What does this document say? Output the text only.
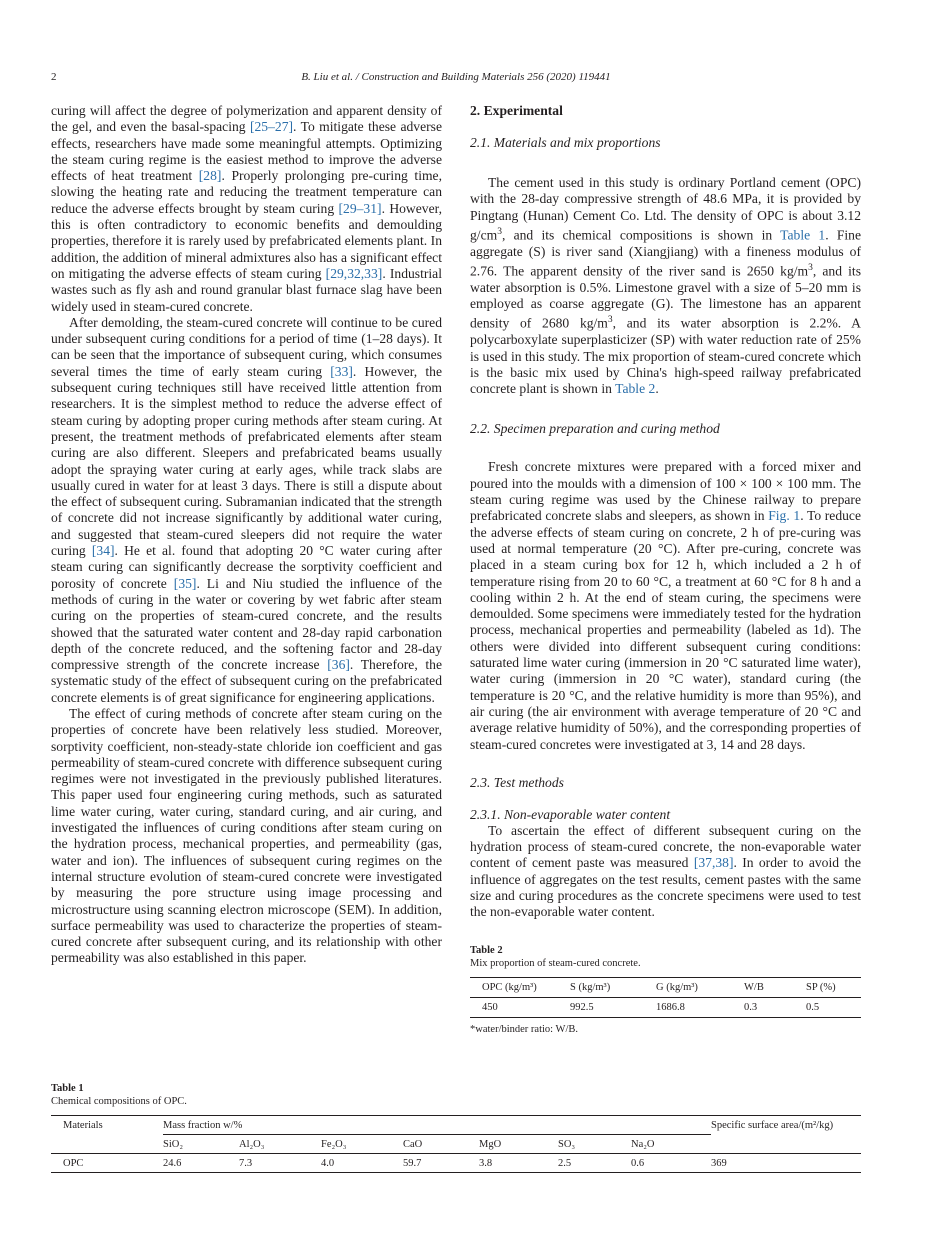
2	B. Liu et al. / Construction and Building Materials 256 (2020) 119441

curing will affect the degree of polymerization and apparent density of the gel, and even the basal-spacing [25–27]. To mitigate these adverse effects, researchers have made some meaningful attempts. Optimizing the steam curing regime is the easiest method to improve the adverse effects of heat treatment [28]. Properly prolonging pre-curing time, slowing the heating rate and reducing the treatment temperature can reduce the adverse effects brought by steam curing [29–31]. However, this is often contradictory to economic benefits and demoulding properties, therefore it is rarely used by prefabricated elements plant. In addition, the addition of mineral admixtures also has a significant effect on mitigating the adverse effects of steam curing [29,32,33]. Industrial wastes such as fly ash and round granular blast furnace slag have been widely used in steam-cured concrete.

After demolding, the steam-cured concrete will continue to be cured under subsequent curing conditions for a period of time (1–28 days). It can be seen that the importance of subsequent curing, which consumes several times the time of early steam curing [33]. However, the subsequent curing techniques still have received little attention from researchers. It is the simplest method to reduce the adverse effect of steam curing by adopting proper curing methods after steam curing. At present, the treatment methods of prefabricated elements after steam curing are also different. Sleepers and prefabricated beams usually adopt the spraying water curing at early ages, while track slabs are usually cured in water for at least 3 days. There is still a dispute about the effect of subsequent curing. Subramanian indicated that the strength of concrete did not increase significantly by additional water curing, and suggested that steam-cured sleepers did not require the water curing [34]. He et al. found that adopting 20 °C water curing after steam curing can significantly decrease the sorptivity coefficient and porosity of concrete [35]. Li and Niu studied the influence of the methods of curing in the water or covering by wet fabric after steam curing on the properties of steam-cured concrete, and the results showed that the saturated water content and 28-day rapid carbonation depth of the concrete reduced, and the softening factor and 28-day compressive strength of the concrete increase [36]. Therefore, the systematic study of the effect of subsequent curing on the prefabricated concrete elements is of great significance for engineering applications.

The effect of curing methods of concrete after steam curing on the properties of concrete have been relatively less studied. Moreover, sorptivity coefficient, non-steady-state chloride ion coefficient and gas permeability of steam-cured concrete with difference subsequent curing regimes were not investigated in the previously published literatures. This paper used four engineering curing methods, such as saturated lime water curing, water curing, standard curing, and air curing, and investigated the influences of curing conditions after steam curing on the hydration process, mechanical properties, and permeability (gas, water and ion). The influences of subsequent curing regimes on the internal structure evolution of steam-cured concrete were investigated by measuring the pore structure using image processing and microstructure using scanning electron microscope (SEM). In addition, surface permeability was used to characterize the properties of steam-cured concrete after subsequent curing, and its relationship with other permeability was also established in this paper.

2. Experimental
2.1. Materials and mix proportions

The cement used in this study is ordinary Portland cement (OPC) with the 28-day compressive strength of 48.6 MPa, it is provided by Pingtang (Hunan) Cement Co. Ltd. The density of OPC is about 3.12 $g/cm^3$, and its chemical compositions is shown in Table 1. Fine aggregate (S) is river sand (Xiangjiang) with a fineness modulus of 2.76. The apparent density of the river sand is 2650 $kg/m^3$, and its water absorption is 0.5%. Limestone gravel with a size of 5–20 mm is employed as coarse aggregate (G). The limestone has an apparent density of 2680 $kg/m^3$, and its water absorption is 2.2%. A polycarboxylate superplasticizer (SP) with water reduction rate of 25% is used in this study. The mix proportion of steam-cured concrete which is the basic mix used by China's high-speed railway prefabricated concrete plant is shown in Table 2.

2.2. Specimen preparation and curing method

Fresh concrete mixtures were prepared with a forced mixer and poured into the moulds with a dimension of 100 × 100 × 100 mm. The steam curing regime was used by the Chinese railway to prepare prefabricated concrete slabs and sleepers, as shown in Fig. 1. To reduce the adverse effects of steam curing on concrete, 2 h of pre-curing was used at normal temperature (20 °C). After pre-curing, concrete was placed in a steam curing box for 12 h, which included a 2 h of temperature rising from 20 to 60 °C, a treatment at 60 °C for 8 h and a cooling within 2 h. At the end of steam curing, the specimens were demoulded. Some specimens were immediately tested for the hydration process, mechanical properties and permeability (labeled as 1d). The others were divided into different subsequent curing conditions: saturated lime water curing (immersion in 20 °C saturated lime water), water curing (immersion in 20 °C water), standard curing (the temperature is 20 °C, and the relative humidity is more than 95%), and air curing (the air environment with average temperature of 20 °C and average relative humidity of 50%), and the corresponding properties of steam-cured concretes were investigated at 3, 14 and 28 days.

2.3. Test methods
2.3.1. Non-evaporable water content

To ascertain the effect of different subsequent curing on the hydration process of steam-cured concrete, the non-evaporable water content of cement paste was measured [37,38]. In order to avoid the influence of aggregates on the test results, cement pastes with the same size and curing procedures as the concrete specimens were used to test the non-evaporable water content.

Table 2
Mix proportion of steam-cured concrete.
OPC (kg/m³)	S (kg/m³)	G (kg/m³)	W/B	SP (%)
450	992.5	1686.8	0.3	0.5
*water/binder ratio: W/B.
Table 1
Chemical compositions of OPC.
Materials	Mass fraction w/%							Specific surface area/(m²/kg)
	SiO₂	Al₂O₃	Fe₂O₃	CaO	MgO	SO₃	Na₂O	
OPC	24.6	7.3	4.0	59.7	3.8	2.5	0.6	369
